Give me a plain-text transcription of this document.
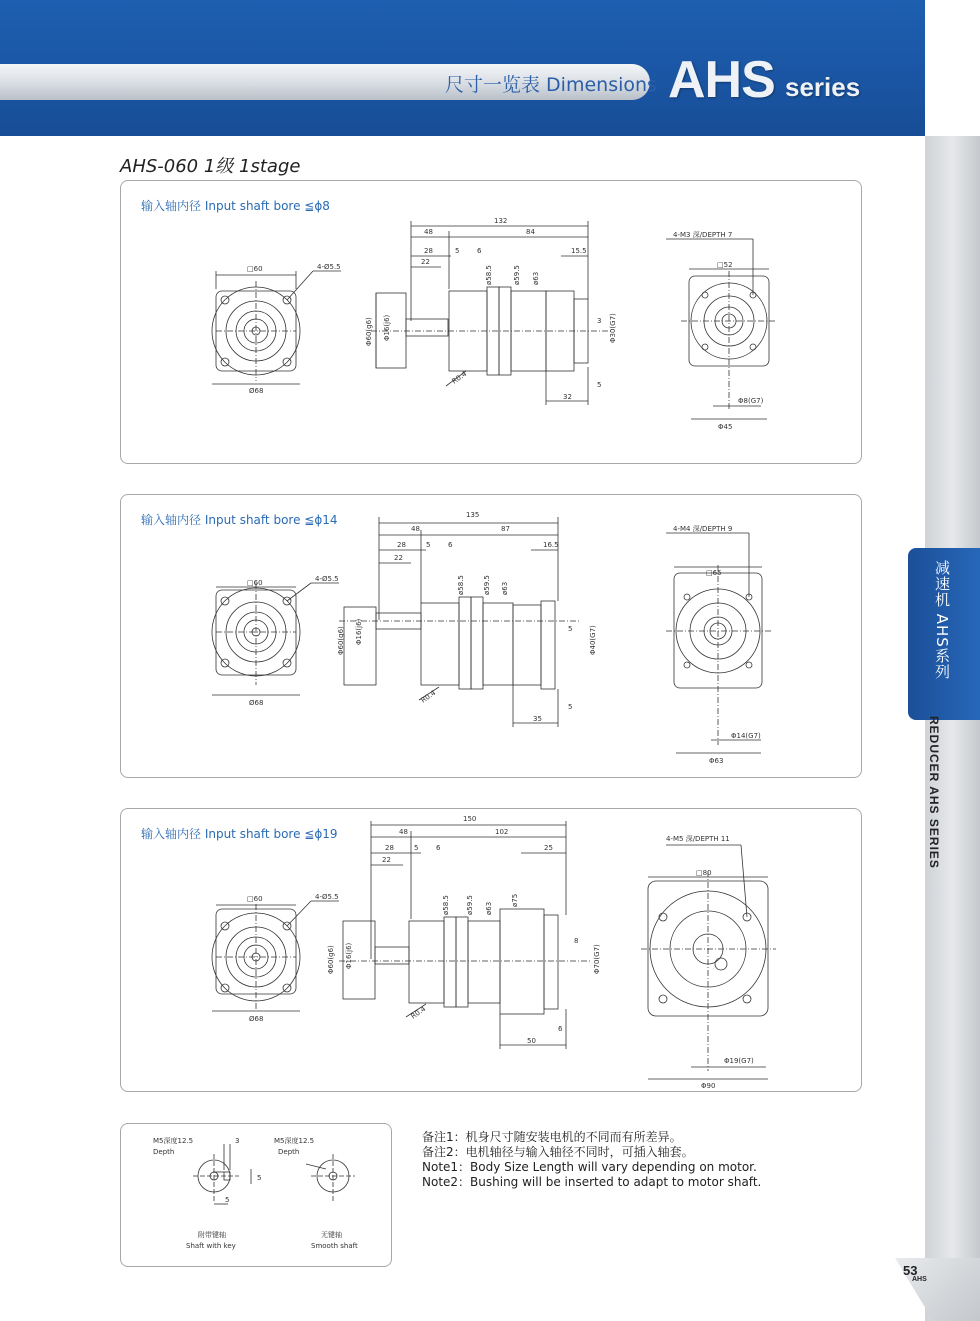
尺寸一览表 Dimensions AHS series
减速机 AHS系列
REDUCER AHS SERIES
53
AHS
AHS-060 1级 1stage
输入轴内径 Input shaft bore ≦ϕ8
□60	4-Ø5.5
Ø68
132
48	84
28	5	6
22
15.5
ø58.5	ø59.5 ø63
Φ60(g6) Φ16(j6)
R0.4
3 Φ30(G7)
5
32
4-M3 深/DEPTH 7
□52
Φ8(G7)
Φ45
输入轴内径 Input shaft bore ≦ϕ14
□60	4-Ø5.5
Ø68
135
48	87
28	5	6
22
16.5
ø58.5	ø59.5 ø63
Φ60(g6) Φ16(j6)
R0.4
5 Φ40(G7)
5
35
4-M4 深/DEPTH 9
□65
Φ14(G7)
Φ63
输入轴内径 Input shaft bore ≦ϕ19
□60	4-Ø5.5
Ø68
150
48	102
28	5	6
22
25
ø58.5 ø59.5 ø63
ø75
Φ60(g6) Φ16(j6)
R0.4
8
Φ70(G7)
6
50
4-M5 深/DEPTH 11
□80
Φ19(G7)
Φ90
M5深度12.5
Depth
3
5
5
附带键轴
Shaft with key
M5深度12.5
Depth
无键轴
Smooth shaft
备注1：机身尺寸随安装电机的不同而有所差异。
备注2：电机轴径与输入轴径不同时，可插入轴套。
Note1：Body Size Length will vary depending on motor.
Note2：Bushing will be inserted to adapt to motor shaft.
